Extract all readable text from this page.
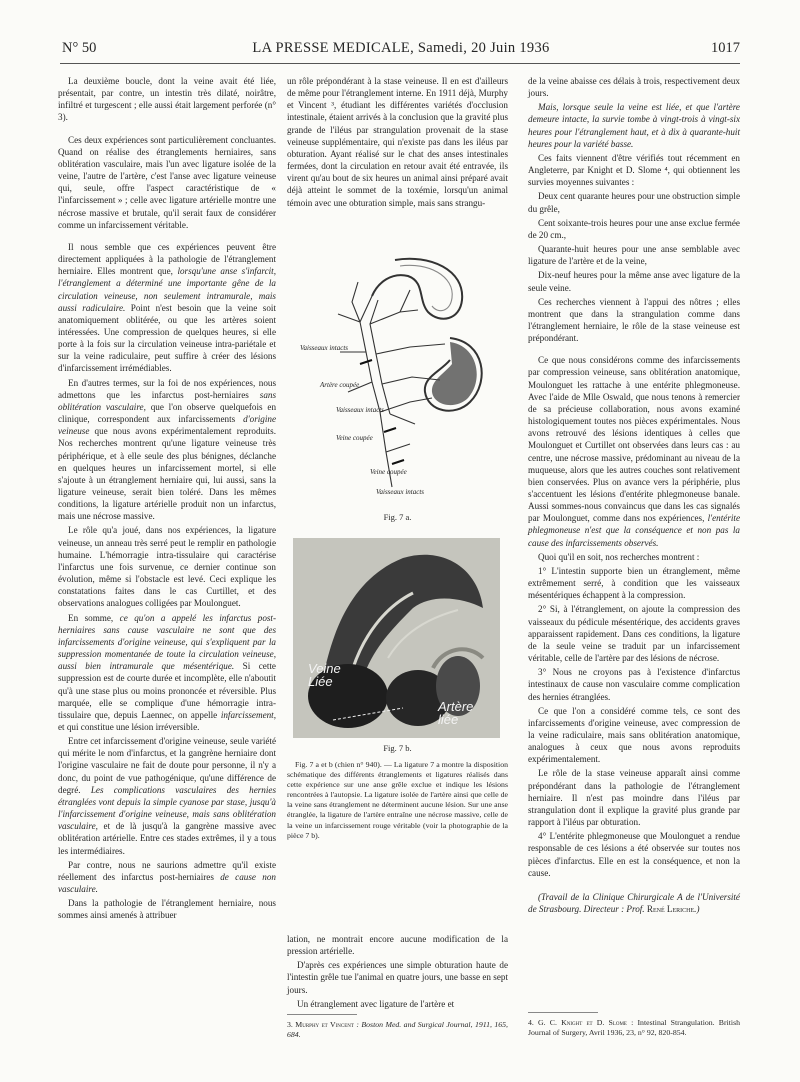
N° 50	LA PRESSE MEDICALE, Samedi, 20 Juin 1936	1017

La deuxième boucle, dont la veine avait été liée, présentait, par contre, un intestin très dilaté, noirâtre, infiltré et turgescent ; elle aussi était largement perforée (n° 3).

Ces deux expériences sont particulièrement concluantes. Quand on réalise des étranglements herniaires, sans oblitération vasculaire, mais l'un avec ligature isolée de la veine, l'autre de l'artère, c'est l'anse avec ligature veineuse qui, seule, offre l'aspect caractéristique de « l'infarcissement » ; celle avec ligature artérielle montre une nécrose massive et brutale, qu'il serait faux de considérer comme un infarcissement véritable.

Il nous semble que ces expériences peuvent être directement appliquées à la pathologie de l'étranglement herniaire. Elles montrent que, lorsqu'une anse s'infarcit, l'étranglement a déterminé une importante gêne de la circulation veineuse, non seulement intramurale, mais aussi radiculaire. Point n'est besoin que la veine soit anatomiquement oblitérée, ou que les artères soient intéressées. Une compression de quelques heures, si elle porte à la fois sur la circulation veineuse intra-pariétale et sur la veine radiculaire, peut suffire à créer des lésions d'infarcissement irrémédiables.

En d'autres termes, sur la foi de nos expériences, nous admettons que les infarctus post-herniaires sans oblitération vasculaire, que l'on observe quelquefois en clinique, correspondent aux infarcissements d'origine veineuse que nous avons expérimentalement reproduits. Nos recherches montrent qu'une ligature veineuse très périphérique, et à elle seule des plus bénignes, déclanche en quelques heures un infarcissement mortel, si elle s'ajoute à un étranglement herniaire qui, lui aussi, sans la ligature veineuse, serait bien toléré. Dans les mêmes conditions, la ligature artérielle produit non un infarctus, mais une nécrose massive.

Le rôle qu'a joué, dans nos expériences, la ligature veineuse, un anneau très serré peut le remplir en pathologie humaine. L'hémorragie intra-tissulaire qui caractérise l'infarctus une fois survenue, ce dernier continue son évolution, même si l'obstacle est levé. Ceci explique les constatations faites dans le cas Curtillet, et des observations analogues colligées par Moulonguet.

En somme, ce qu'on a appelé les infarctus post-herniaires sans cause vasculaire ne sont que des infarcissements d'origine veineuse, qui s'expliquent par la suppression momentanée de toute la circulation veineuse, aussi bien intramurale que mésentérique. Si cette suppression est de courte durée et incomplète, elle n'aboutit qu'à une stase plus ou moins prononcée et réversible. Plus marquée, elle se complique d'une hémorragie intra-tissulaire que, depuis Laennec, on appelle infarcissement, et qui constitue une lésion irréversible.

Entre cet infarcissement d'origine veineuse, seule variété qui mérite le nom d'infarctus, et la gangrène herniaire dont l'origine vasculaire ne fait de doute pour personne, il n'y a donc, du point de vue pathogénique, qu'une différence de degré. Les complications vasculaires des hernies étranglées vont depuis la simple cyanose par stase, jusqu'à l'infarcissement d'origine veineuse, mais sans oblitération vasculaire, et de là jusqu'à la gangrène massive avec oblitération artérielle. Entre ces stades extrêmes, il y a tous les intermédiaires.

Par contre, nous ne saurions admettre qu'il existe réellement des infarctus post-herniaires de cause non vasculaire.

Dans la pathologie de l'étranglement herniaire, nous sommes ainsi amenés à attribuer

un rôle prépondérant à la stase veineuse. Il en est d'ailleurs de même pour l'étranglement interne. En 1911 déjà, Murphy et Vincent ³, étudiant les différentes variétés d'occlusion intestinale, étaient arrivés à la conclusion que la gravité plus grande de l'iléus par strangulation provenait de la stase veineuse supplémentaire, qui n'existe pas dans les iléus par obturation. Ayant réalisé sur le chat des anses intestinales fermées, dont la circulation en retour avait été entravée, ils virent qu'au bout de six heures un animal ainsi préparé avait déjà atteint le sommet de la toxémie, lorsqu'un animal témoin avec une obturation simple, mais sans strangu-

Vaisseaux intacts
Artère coupée
Vaisseaux intacts
Veine coupée
Veine coupée
Vaisseaux intacts
Fig. 7 a.
Veine
Liée
Artère
liée
Fig. 7 b.
Fig. 7 a et b (chien n° 940). — La ligature 7 a montre la disposition schématique des différents étranglements et ligatures réalisés dans cette expérience sur une anse grêle exclue et indique les lésions rencontrées à l'autopsie. La ligature isolée de l'artère ainsi que celle de la veine sans étranglement ne déterminent aucune lésion. Sur une anse étranglée, la ligature de l'artère entraîne une nécrose massive, celle de la veine un infarcissement rouge véritable (voir la photographie de la pièce 7 b).

lation, ne montrait encore aucune modification de la pression artérielle.

D'après ces expériences une simple obturation haute de l'intestin grêle tue l'animal en quatre jours, une basse en sept jours.

Un étranglement avec ligature de l'artère et

3. Murphy et Vincent : Boston Med. and Surgical Journal, 1911, 165, 684.

de la veine abaisse ces délais à trois, respectivement deux jours.

Mais, lorsque seule la veine est liée, et que l'artère demeure intacte, la survie tombe à vingt-trois à vingt-six heures pour l'étranglement haut, et à dix à quarante-huit heures pour la variété basse.

Ces faits viennent d'être vérifiés tout récemment en Angleterre, par Knight et D. Slome ⁴, qui obtiennent les survies moyennes suivantes :

Deux cent quarante heures pour une obstruction simple du grêle,

Cent soixante-trois heures pour une anse exclue fermée de 20 cm.,

Quarante-huit heures pour une anse semblable avec ligature de l'artère et de la veine,

Dix-neuf heures pour la même anse avec ligature de la seule veine.

Ces recherches viennent à l'appui des nôtres ; elles montrent que dans la strangulation comme dans l'étranglement herniaire, le rôle de la stase veineuse est prépondérant.

Ce que nous considérons comme des infarcissements par compression veineuse, sans oblitération anatomique, Moulonguet les rattache à une entérite phlegmoneuse. Avec l'aide de Mlle Oswald, que nous tenons à remercier de sa précieuse collaboration, nous avons examiné histologiquement toutes nos pièces expérimentales. Nous avons retrouvé des lésions identiques à celles que Moulonguet et Curtillet ont observées dans leurs cas : au centre, une nécrose massive, prédominant au niveau de la muqueuse, alors que les autres couches sont relativement bien conservées. Plus on avance vers la périphérie, plus s'accentuent les lésions d'entérite phlegmoneuse banale. Aussi sommes-nous convaincus que dans les cas signalés par Moulonguet, comme dans nos expériences, l'entérite phlegmoneuse n'est que la conséquence et non pas la cause des infarcissements observés.

Quoi qu'il en soit, nos recherches montrent :

1° L'intestin supporte bien un étranglement, même extrêmement serré, à condition que les vaisseaux mésentériques échappent à la compression.

2° Si, à l'étranglement, on ajoute la compression des vaisseaux du pédicule mésentérique, des accidents graves apparaissent rapidement. Dans ces conditions, la ligature de la seule veine se traduit par un infarcissement véritable, celle de l'artère par des lésions de nécrose.

3° Nous ne croyons pas à l'existence d'infarctus intestinaux de cause non vasculaire comme complication des hernies étranglées.

Ce que l'on a considéré comme tels, ce sont des infarcissements d'origine veineuse, avec compression de la veine radiculaire, mais sans oblitération anatomique, analogues à ceux que nous avons reproduits expérimentalement.

Le rôle de la stase veineuse apparaît ainsi comme prépondérant dans la pathologie de l'étranglement herniaire. Il n'est pas moindre dans l'iléus par strangulation dont il explique la gravité plus grande par rapport à l'iléus par obturation.

4° L'entérite phlegmoneuse que Moulonguet a rendue responsable de ces lésions a été observée sur toutes nos pièces d'infarctus. Elle en est la conséquence, et non la cause.

(Travail de la Clinique Chirurgicale A de l'Université de Strasbourg. Directeur : Prof. René Leriche.)

4. G. C. Knight et D. Slome : Intestinal Strangulation. British Journal of Surgery, Avril 1936, 23, n° 92, 820-854.
